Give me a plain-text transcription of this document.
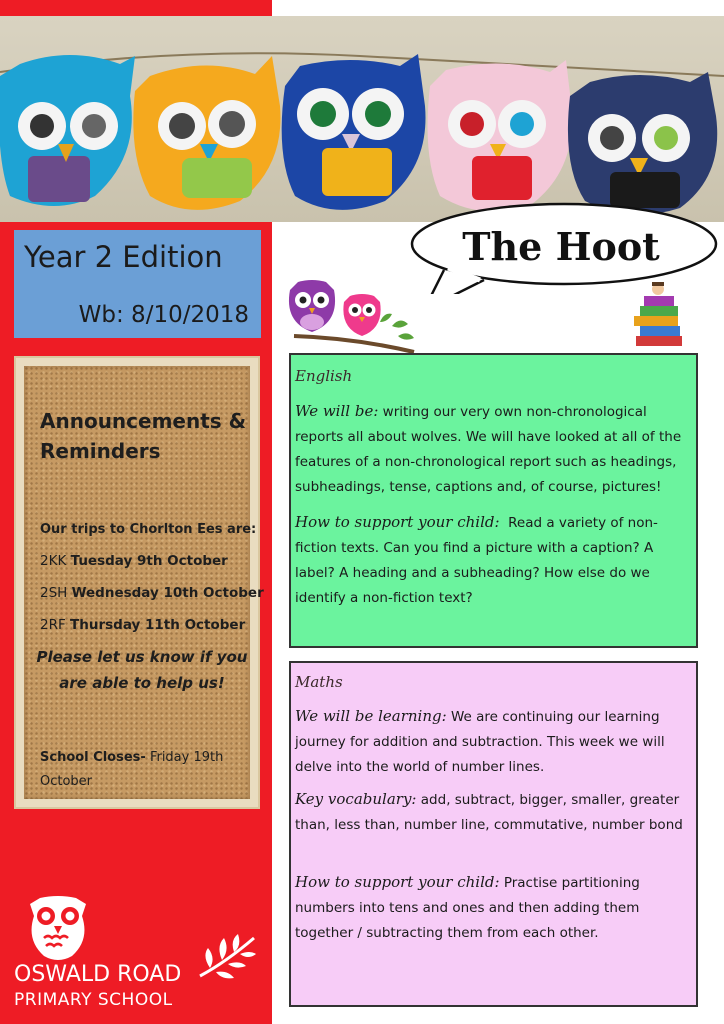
Year 2 Edition
Wb: 8/10/2018
Announcements & Reminders
Our trips to Chorlton Ees are:
2KK Tuesday 9th October
2SH Wednesday 10th October
2RF Thursday 11th October
Please let us know if you are able to help us!
School Closes- Friday 19th October
The Hoot
English
We will be: writing our very own non-chronological reports all about wolves. We will have looked at all of the features of a non-chronological report such as headings, subheadings, tense, captions and, of course, pictures!
How to support your child: Read a variety of non-fiction texts. Can you find a picture with a caption? A label? A heading and a subheading? How else do we identify a non-fiction text?
Maths
We will be learning: We are continuing our learning journey for addition and subtraction. This week we will delve into the world of number lines.
Key vocabulary: add, subtract, bigger, smaller, greater than, less than, number line, commutative, number bond
How to support your child: Practise partitioning numbers into tens and ones and then adding them together / subtracting them from each other.
OSWALD ROAD
PRIMARY SCHOOL
